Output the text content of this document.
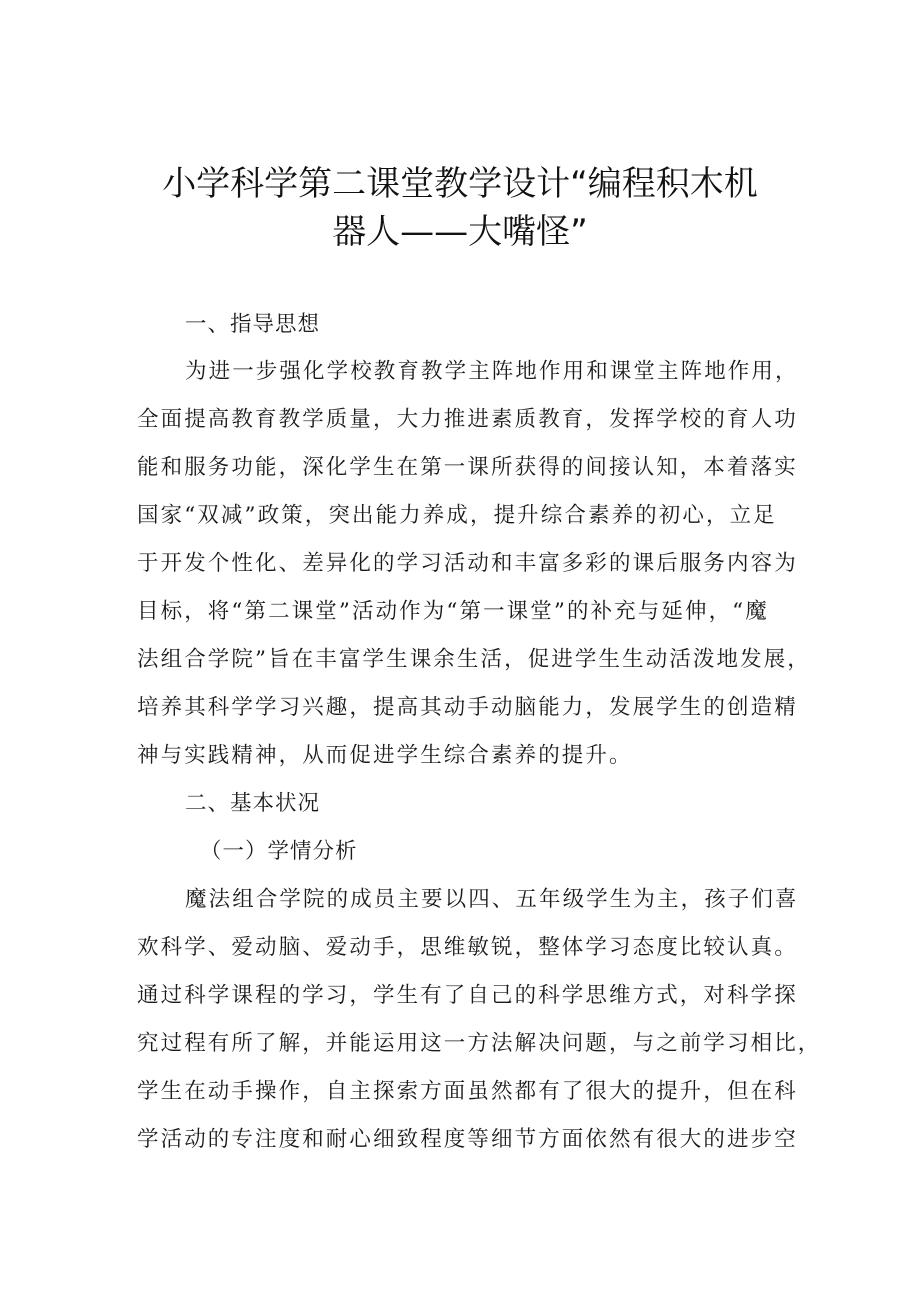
小学科学第二课堂教学设计“编程积木机
器人——大嘴怪”
一、指导思想
为进一步强化学校教育教学主阵地作用和课堂主阵地作用，
全面提高教育教学质量，大力推进素质教育，发挥学校的育人功
能和服务功能，深化学生在第一课所获得的间接认知，本着落实
国家“双减”政策，突出能力养成，提升综合素养的初心，立足
于开发个性化、差异化的学习活动和丰富多彩的课后服务内容为
目标，将“第二课堂”活动作为“第一课堂”的补充与延伸，“魔
法组合学院”旨在丰富学生课余生活，促进学生生动活泼地发展，
培养其科学学习兴趣，提高其动手动脑能力，发展学生的创造精
神与实践精神，从而促进学生综合素养的提升。
二、基本状况
（一）学情分析
魔法组合学院的成员主要以四、五年级学生为主，孩子们喜
欢科学、爱动脑、爱动手，思维敏锐，整体学习态度比较认真。
通过科学课程的学习，学生有了自己的科学思维方式，对科学探
究过程有所了解，并能运用这一方法解决问题，与之前学习相比，
学生在动手操作，自主探索方面虽然都有了很大的提升，但在科
学活动的专注度和耐心细致程度等细节方面依然有很大的进步空
